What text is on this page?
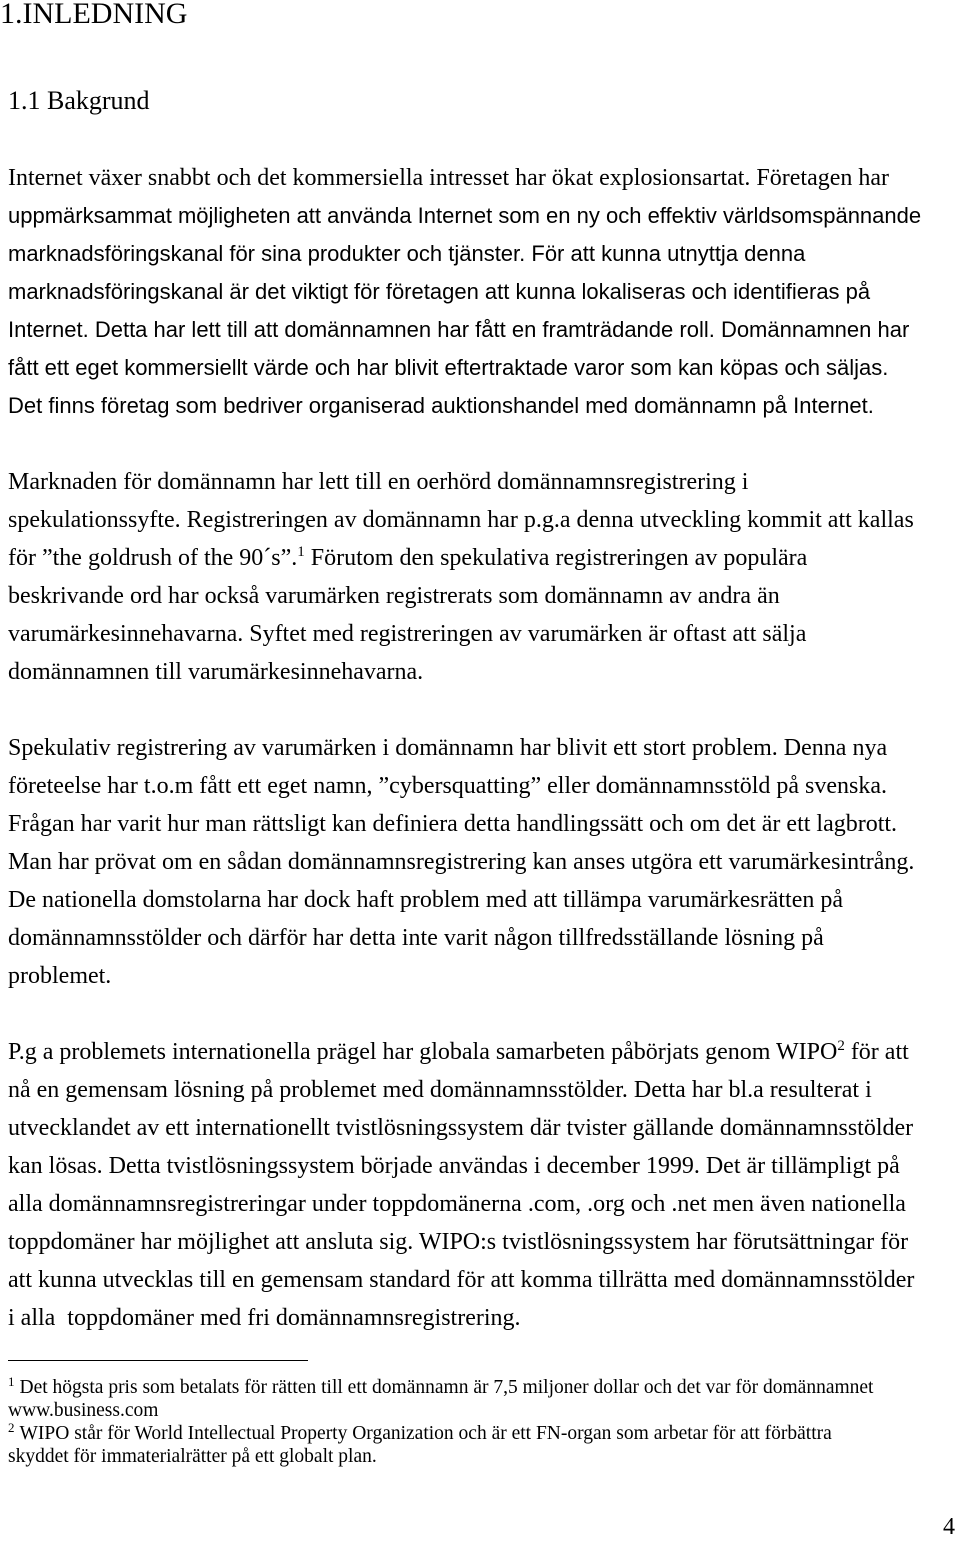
1.INLEDNING
1.1 Bakgrund
Internet växer snabbt och det kommersiella intresset har ökat explosionsartat. Företagen har
uppmärksammat möjligheten att använda Internet som en ny och effektiv världsomspännande
marknadsföringskanal för sina produkter och tjänster. För att kunna utnyttja denna
marknadsföringskanal är det viktigt för företagen att kunna lokaliseras och identifieras på
Internet. Detta har lett till att domännamnen har fått en framträdande roll. Domännamnen har
fått ett eget kommersiellt värde och har blivit eftertraktade varor som kan köpas och säljas.
Det finns företag som bedriver organiserad auktionshandel med domännamn på Internet.
Marknaden för domännamn har lett till en oerhörd domännamnsregistrering i
spekulationssyfte. Registreringen av domännamn har p.g.a denna utveckling kommit att kallas
för ”the goldrush of the 90´s”.$^1$ Förutom den spekulativa registreringen av populära
beskrivande ord har också varumärken registrerats som domännamn av andra än
varumärkesinnehavarna. Syftet med registreringen av varumärken är oftast att sälja
domännamnen till varumärkesinnehavarna.
Spekulativ registrering av varumärken i domännamn har blivit ett stort problem. Denna nya
företeelse har t.o.m fått ett eget namn, ”cybersquatting” eller domännamnsstöld på svenska.
Frågan har varit hur man rättsligt kan definiera detta handlingssätt och om det är ett lagbrott.
Man har prövat om en sådan domännamnsregistrering kan anses utgöra ett varumärkesintrång.
De nationella domstolarna har dock haft problem med att tillämpa varumärkesrätten på
domännamnsstölder och därför har detta inte varit någon tillfredsställande lösning på
problemet.
P.g a problemets internationella prägel har globala samarbeten påbörjats genom WIPO$^2$ för att
nå en gemensam lösning på problemet med domännamnsstölder. Detta har bl.a resulterat i
utvecklandet av ett internationellt tvistlösningssystem där tvister gällande domännamnsstölder
kan lösas. Detta tvistlösningssystem började användas i december 1999. Det är tillämpligt på
alla domännamnsregistreringar under toppdomänerna .com, .org och .net men även nationella
toppdomäner har möjlighet att ansluta sig. WIPO:s tvistlösningssystem har förutsättningar för
att kunna utvecklas till en gemensam standard för att komma tillrätta med domännamnsstölder
i alla  toppdomäner med fri domännamnsregistrering.
$^1$ Det högsta pris som betalats för rätten till ett domännamn är 7,5 miljoner dollar och det var för domännamnet
www.business.com
$^2$ WIPO står för World Intellectual Property Organization och är ett FN-organ som arbetar för att förbättra
skyddet för immaterialrätter på ett globalt plan.
4
